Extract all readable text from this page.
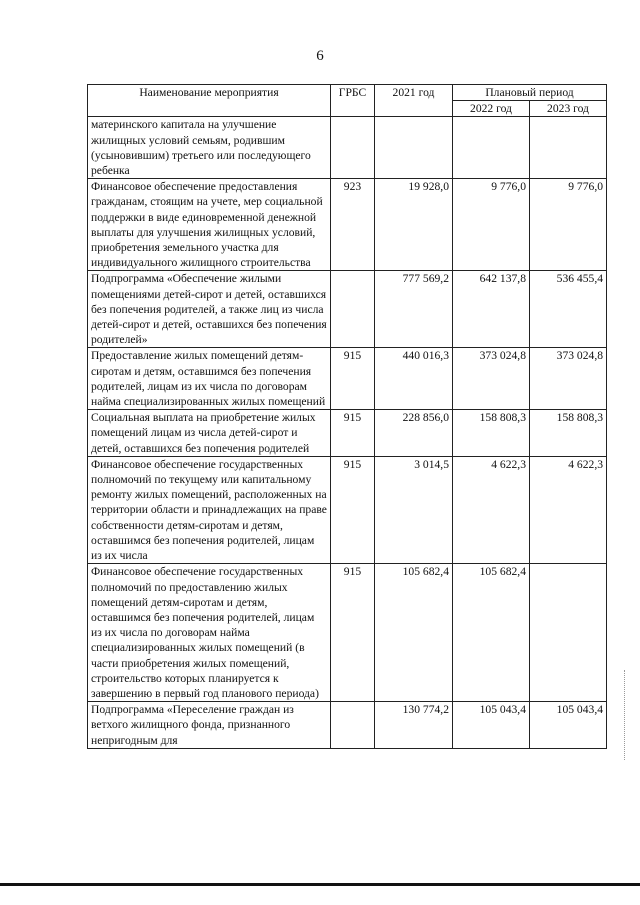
6
Наименование мероприятия	ГРБС	2021 год	Плановый период	
			2022 год	2023 год
материнского капитала на улучшение жилищных условий семьям, родившим (усыновившим) третьего или последующего ребенка				
Финансовое обеспечение предоставления гражданам, стоящим на учете, мер социальной поддержки в виде единовременной денежной выплаты для улучшения жилищных условий, приобретения земельного участка для индивидуального жилищного строительства	923	19 928,0	9 776,0	9 776,0
Подпрограмма «Обеспечение жилыми помещениями детей-сирот и детей, оставшихся без попечения родителей, а также лиц из числа детей-сирот и детей, оставшихся без попечения родителей»		777 569,2	642 137,8	536 455,4
Предоставление жилых помещений детям-сиротам и детям, оставшимся без попечения родителей, лицам из их числа по договорам найма специализированных жилых помещений	915	440 016,3	373 024,8	373 024,8
Социальная выплата на приобретение жилых помещений лицам из числа детей-сирот и детей, оставшихся без попечения родителей	915	228 856,0	158 808,3	158 808,3
Финансовое обеспечение государственных полномочий по текущему или капитальному ремонту жилых помещений, расположенных на территории области и принадлежащих на праве собственности детям-сиротам и детям, оставшимся без попечения родителей, лицам из их числа	915	3 014,5	4 622,3	4 622,3
Финансовое обеспечение государственных полномочий по предоставлению жилых помещений детям-сиротам и детям, оставшимся без попечения родителей, лицам из их числа по договорам найма специализированных жилых помещений (в части приобретения жилых помещений, строительство которых планируется к завершению в первый год планового периода)	915	105 682,4	105 682,4	
Подпрограмма «Переселение граждан из ветхого жилищного фонда, признанного непригодным для		130 774,2	105 043,4	105 043,4
